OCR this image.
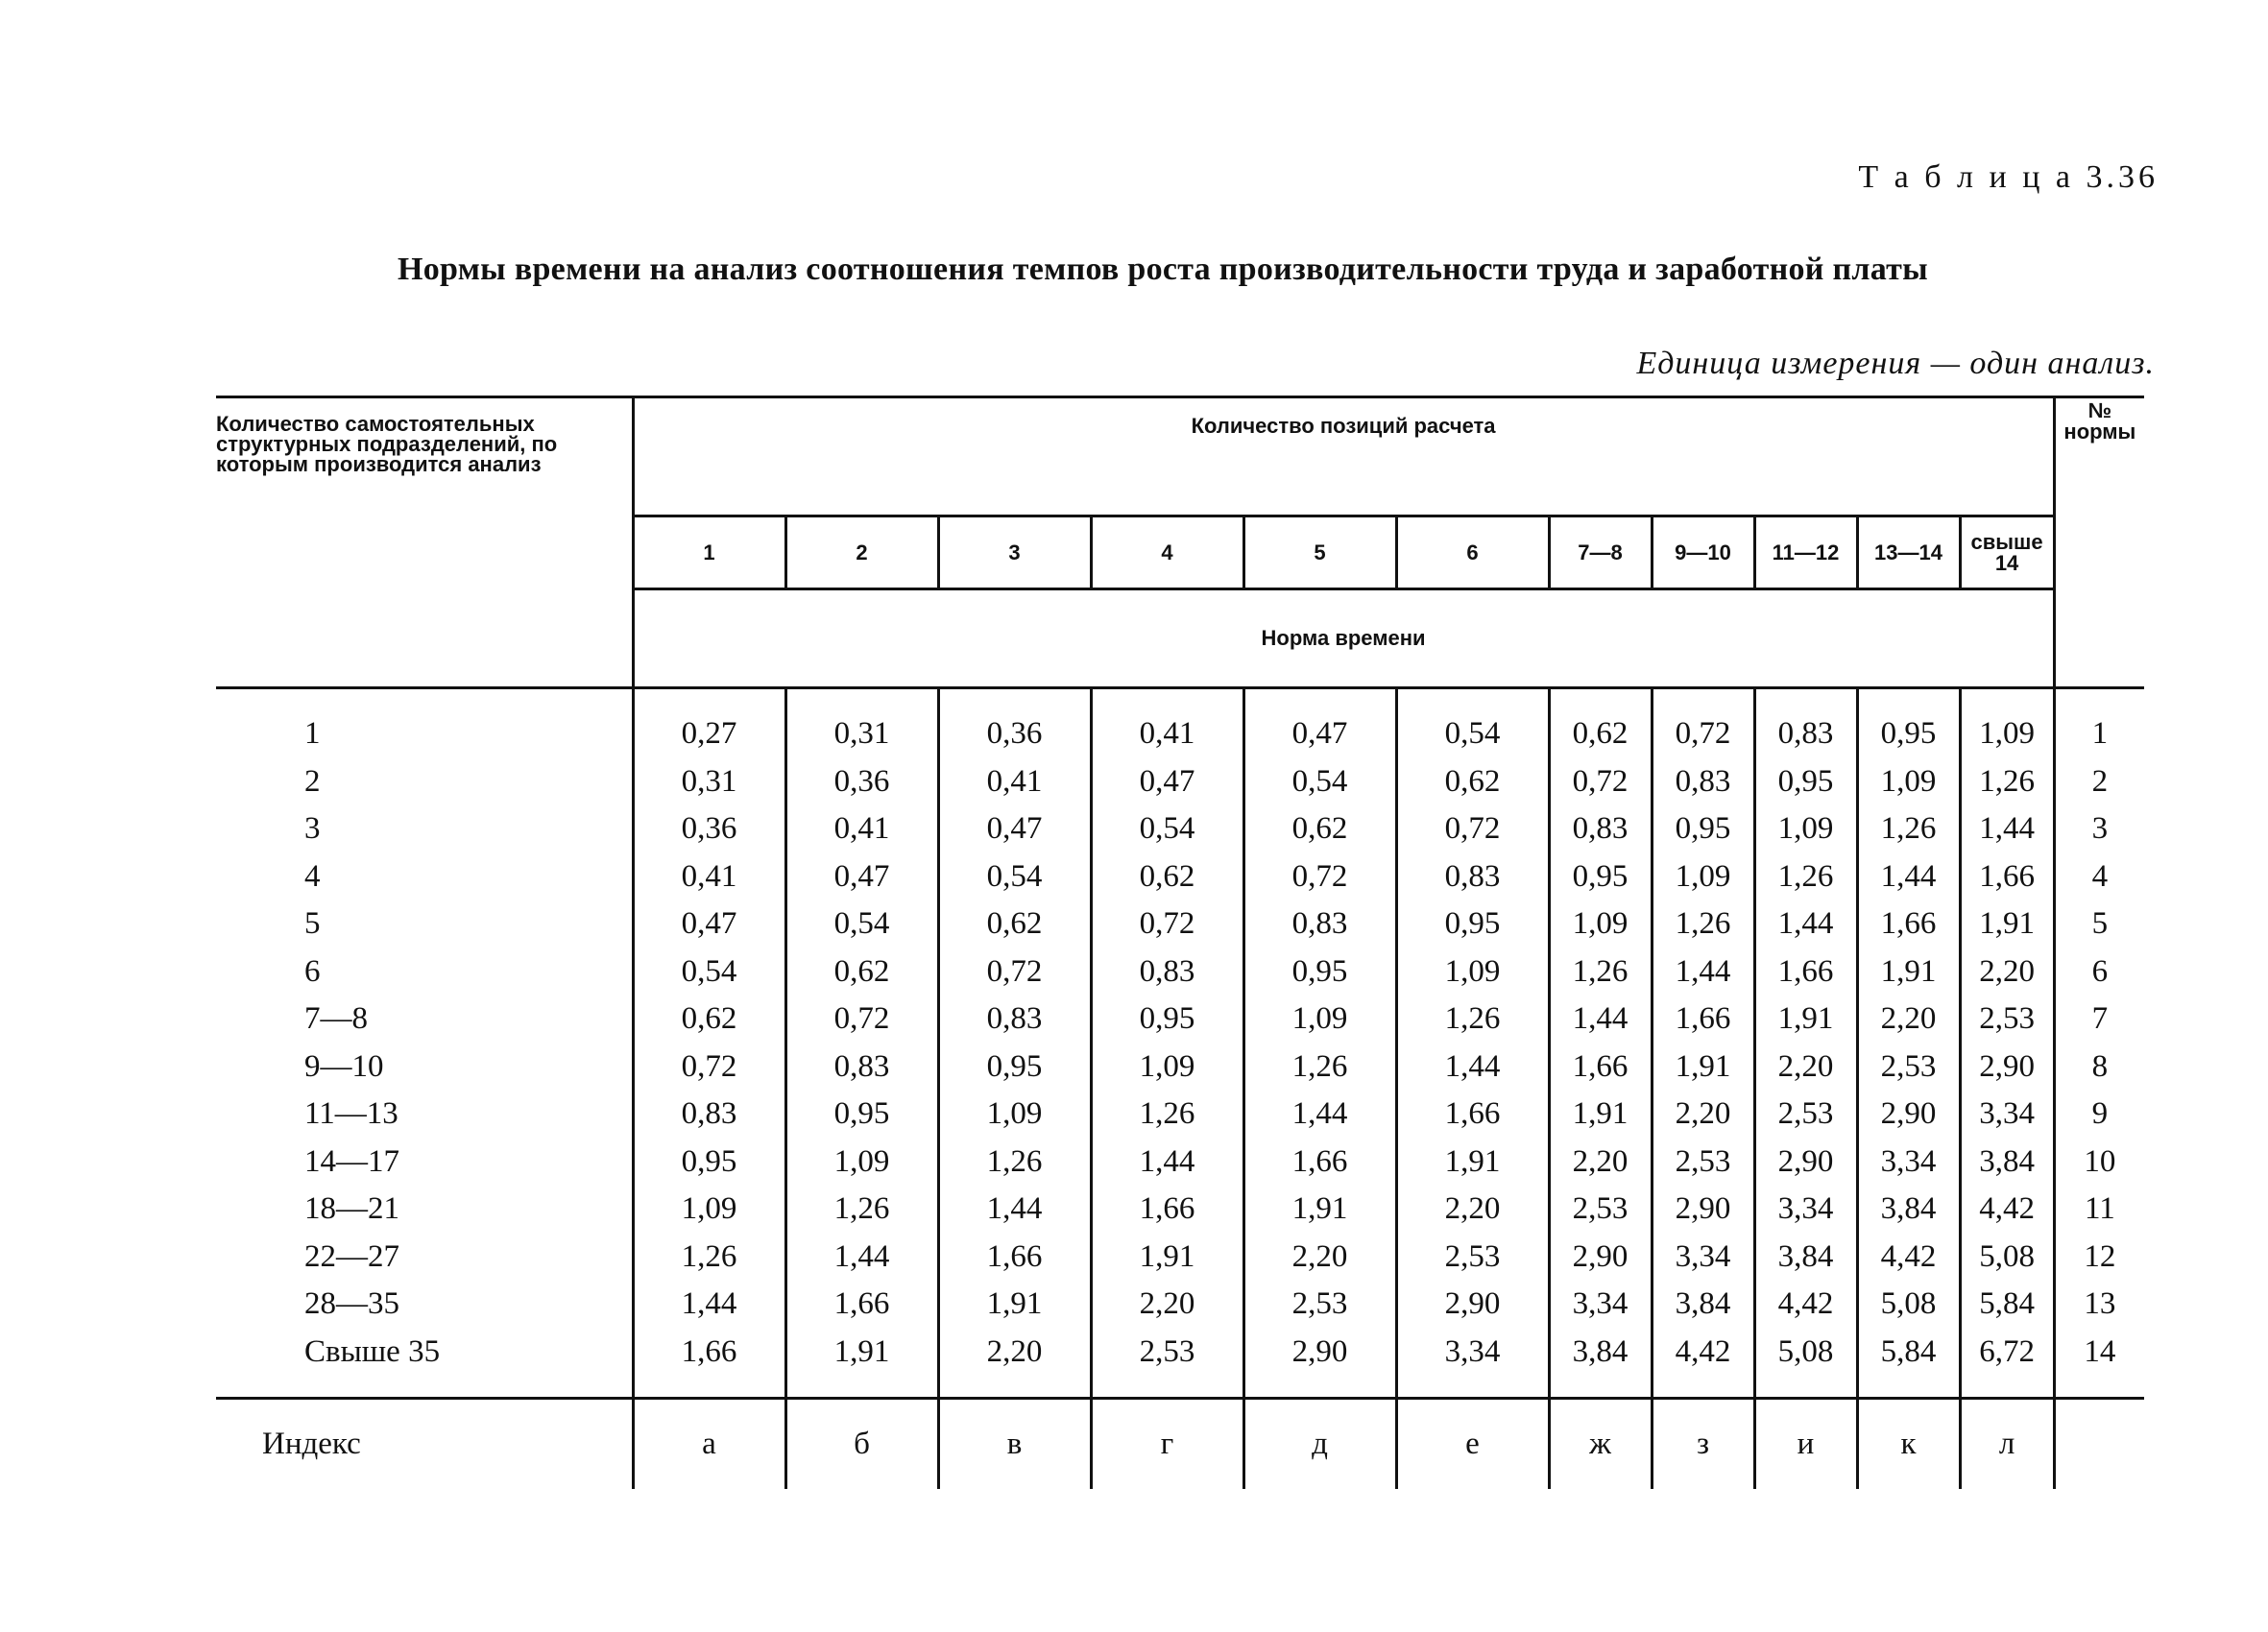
Т а б л и ц а 3.36
Нормы времени на анализ соотношения темпов роста производительности труда и заработной платы
Единица измерения — один анализ.
Количество самостоятельных структурных подразделений, по которым производится анализ	Количество позиций расчета											№ нормы
	1	2	3	4	5	6	7—8	9—10	11—12	13—14	свыше 14	
	Норма времени											
1	0,27	0,31	0,36	0,41	0,47	0,54	0,62	0,72	0,83	0,95	1,09	1
2	0,31	0,36	0,41	0,47	0,54	0,62	0,72	0,83	0,95	1,09	1,26	2
3	0,36	0,41	0,47	0,54	0,62	0,72	0,83	0,95	1,09	1,26	1,44	3
4	0,41	0,47	0,54	0,62	0,72	0,83	0,95	1,09	1,26	1,44	1,66	4
5	0,47	0,54	0,62	0,72	0,83	0,95	1,09	1,26	1,44	1,66	1,91	5
6	0,54	0,62	0,72	0,83	0,95	1,09	1,26	1,44	1,66	1,91	2,20	6
7—8	0,62	0,72	0,83	0,95	1,09	1,26	1,44	1,66	1,91	2,20	2,53	7
9—10	0,72	0,83	0,95	1,09	1,26	1,44	1,66	1,91	2,20	2,53	2,90	8
11—13	0,83	0,95	1,09	1,26	1,44	1,66	1,91	2,20	2,53	2,90	3,34	9
14—17	0,95	1,09	1,26	1,44	1,66	1,91	2,20	2,53	2,90	3,34	3,84	10
18—21	1,09	1,26	1,44	1,66	1,91	2,20	2,53	2,90	3,34	3,84	4,42	11
22—27	1,26	1,44	1,66	1,91	2,20	2,53	2,90	3,34	3,84	4,42	5,08	12
28—35	1,44	1,66	1,91	2,20	2,53	2,90	3,34	3,84	4,42	5,08	5,84	13
Свыше 35	1,66	1,91	2,20	2,53	2,90	3,34	3,84	4,42	5,08	5,84	6,72	14
Индекс	а	б	в	г	д	е	ж	з	и	к	л	
